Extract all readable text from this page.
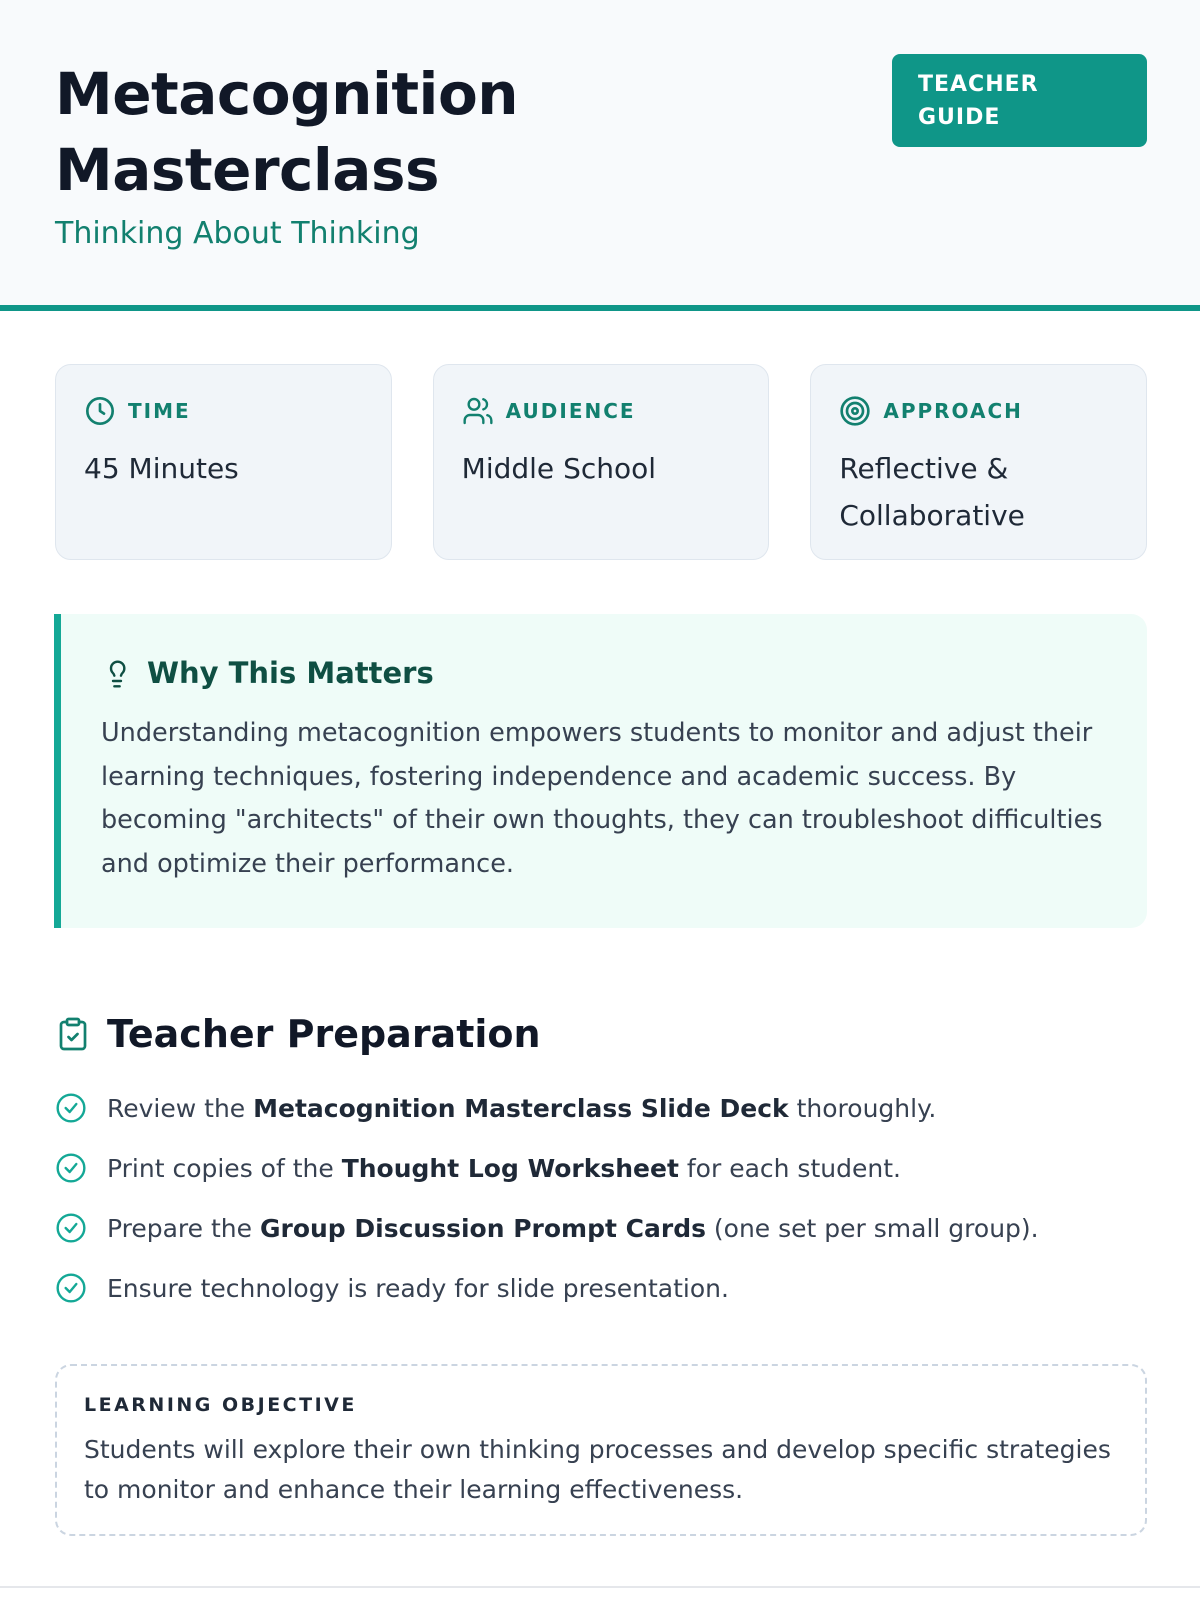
Metacognition
Masterclass
Thinking About Thinking
TEACHER
GUIDE
TIME
45 Minutes
AUDIENCE
Middle School
APPROACH
Reflective &
Collaborative
Why This Matters

Understanding metacognition empowers students to monitor and adjust their learning techniques, fostering independence and academic success. By becoming "architects" of their own thoughts, they can troubleshoot difficulties and optimize their performance.

Teacher Preparation
Review the Metacognition Masterclass Slide Deck thoroughly.
Print copies of the Thought Log Worksheet for each student.
Prepare the Group Discussion Prompt Cards (one set per small group).
Ensure technology is ready for slide presentation.
LEARNING OBJECTIVE

Students will explore their own thinking processes and develop specific strategies to monitor and enhance their learning effectiveness.
